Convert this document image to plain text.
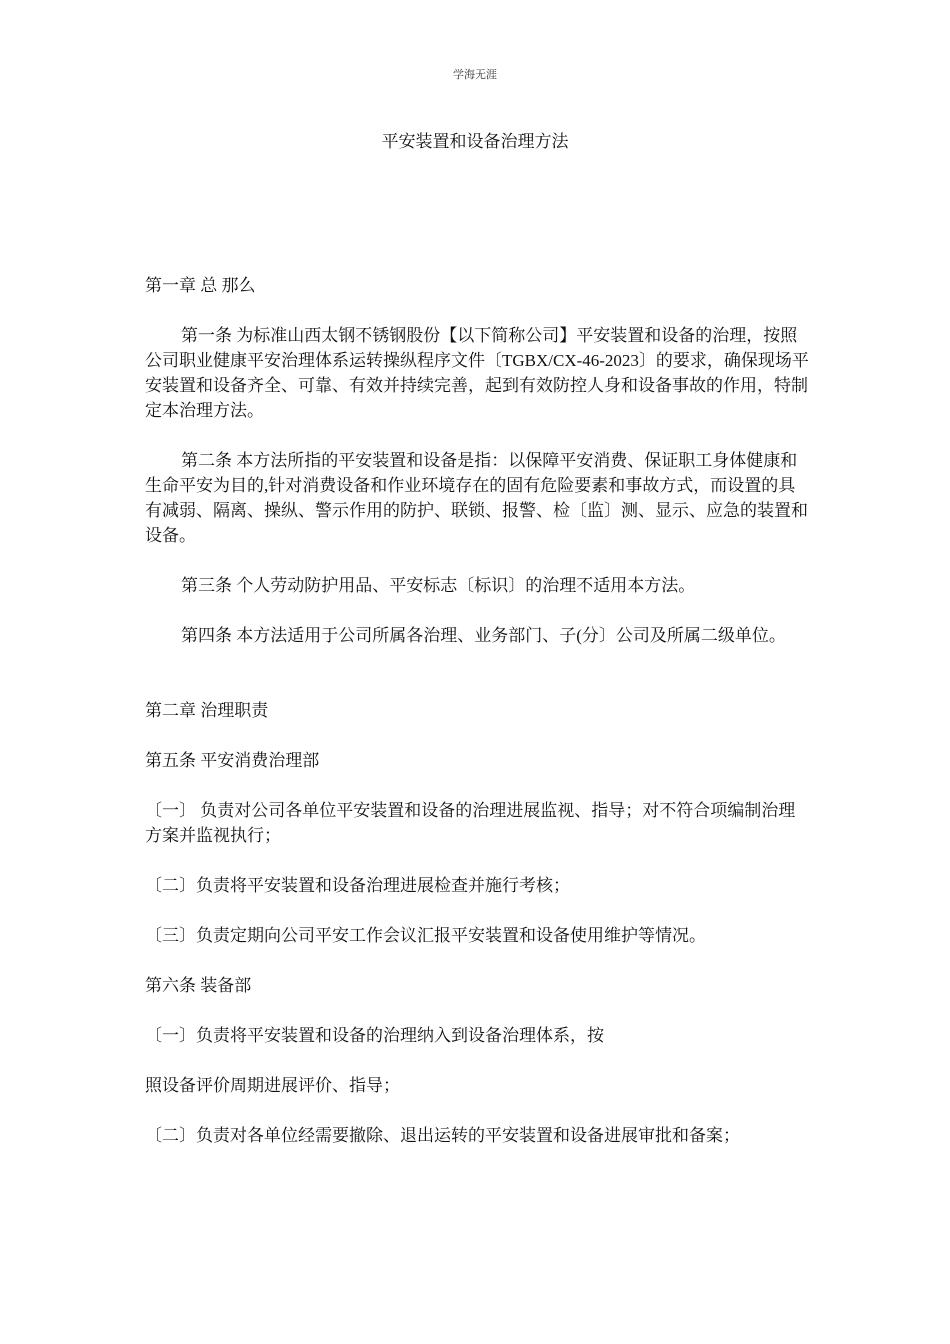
学海无涯
平安装置和设备治理方法

第一章 总 那么

第一条 为标准山西太钢不锈钢股份【以下简称公司】平安装置和设备的治理，按照公司职业健康平安治理体系运转操纵程序文件〔TGBX/CX-46-2023〕的要求，确保现场平安装置和设备齐全、可靠、有效并持续完善，起到有效防控人身和设备事故的作用，特制定本治理方法。

第二条 本方法所指的平安装置和设备是指：以保障平安消费、保证职工身体健康和生命平安为目的,针对消费设备和作业环境存在的固有危险要素和事故方式，而设置的具有减弱、隔离、操纵、警示作用的防护、联锁、报警、检〔监〕测、显示、应急的装置和设备。

第三条 个人劳动防护用品、平安标志〔标识〕的治理不适用本方法。

第四条 本方法适用于公司所属各治理、业务部门、子(分〕公司及所属二级单位。

第二章 治理职责

第五条 平安消费治理部

〔一〕 负责对公司各单位平安装置和设备的治理进展监视、指导；对不符合项编制治理方案并监视执行；

〔二〕负责将平安装置和设备治理进展检查并施行考核；

〔三〕负责定期向公司平安工作会议汇报平安装置和设备使用维护等情况。

第六条 装备部

〔一〕负责将平安装置和设备的治理纳入到设备治理体系，按

照设备评价周期进展评价、指导；

〔二〕负责对各单位经需要撤除、退出运转的平安装置和设备进展审批和备案；
